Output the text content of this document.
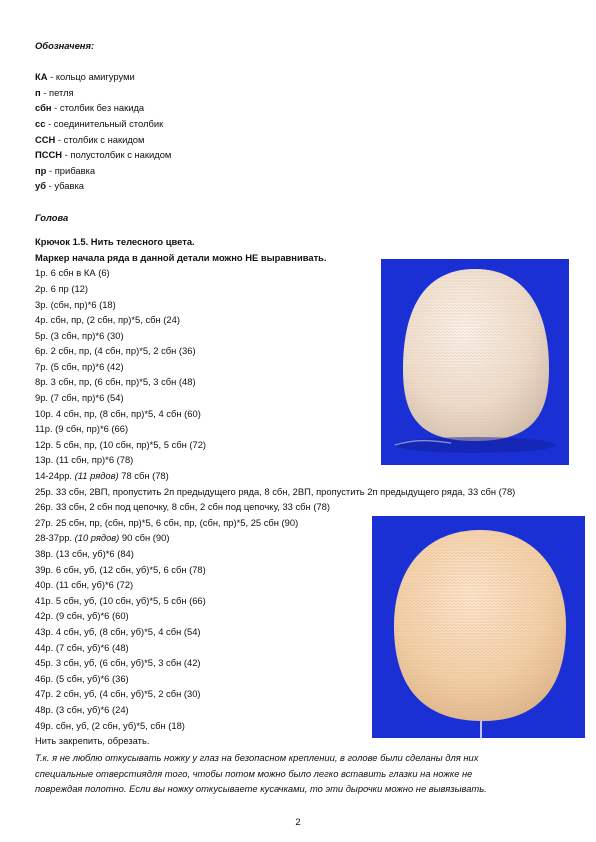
Обозначеня:
КА - кольцо амигуруми
п - петля
сбн - столбик без накида
сс - соединительный столбик
ССН - столбик с накидом
ПССН - полустолбик с накидом
пр - прибавка
уб - убавка
Голова
Крючок 1.5. Нить телесного цвета.
Маркер начала ряда в данной детали можно НЕ выравнивать.
1р. 6 сбн в КА (6)
2р. 6 пр (12)
3р. (сбн, пр)*6 (18)
4р. сбн, пр, (2 сбн, пр)*5, сбн (24)
5р. (3 сбн, пр)*6 (30)
6р. 2 сбн, пр, (4 сбн, пр)*5, 2 сбн (36)
7р. (5 сбн, пр)*6 (42)
8р. 3 сбн, пр, (6 сбн, пр)*5, 3 сбн (48)
9р. (7 сбн, пр)*6 (54)
10р. 4 сбн, пр, (8 сбн, пр)*5, 4 сбн (60)
11р. (9 сбн, пр)*6 (66)
12р. 5 сбн, пр, (10 сбн, пр)*5, 5 сбн (72)
13р. (11 сбн, пр)*6 (78)
14-24рр. (11 рядов) 78 сбн (78)
25р. 33 сбн, 2ВП, пропустить 2п предыдущего ряда, 8 сбн, 2ВП, пропустить 2п предыдущего ряда, 33 сбн (78)
26р. 33 сбн, 2 сбн под цепочку, 8 сбн, 2 сбн под цепочку, 33 сбн (78)
27р. 25 сбн, пр, (сбн, пр)*5, 6 сбн, пр, (сбн, пр)*5, 25 сбн (90)
28-37рр. (10 рядов) 90 сбн (90)
38р. (13 сбн, уб)*6 (84)
39р. 6 сбн, уб, (12 сбн, уб)*5, 6 сбн (78)
40р. (11 сбн, уб)*6 (72)
41р. 5 сбн, уб, (10 сбн, уб)*5, 5 сбн (66)
42р. (9 сбн, уб)*6 (60)
43р. 4 сбн, уб, (8 сбн, уб)*5, 4 сбн (54)
44р. (7 сбн, уб)*6 (48)
45р. 3 сбн, уб, (6 сбн, уб)*5, 3 сбн (42)
46р. (5 сбн, уб)*6 (36)
47р. 2 сбн, уб, (4 сбн, уб)*5, 2 сбн (30)
48р. (3 сбн, уб)*6 (24)
49р. сбн, уб, (2 сбн, уб)*5, сбн (18)
Нить закрепить, обрезать.
Т.к. я не люблю откусывать ножку у глаз на безопасном креплении, в голове были сделаны для них
специальные отверстиядля того, чтобы потом можно было легко вставить глазки на ножке не
повреждая полотно. Если вы ножку откусываете кусачками, то эти дырочки можно не вывязывать.
2
